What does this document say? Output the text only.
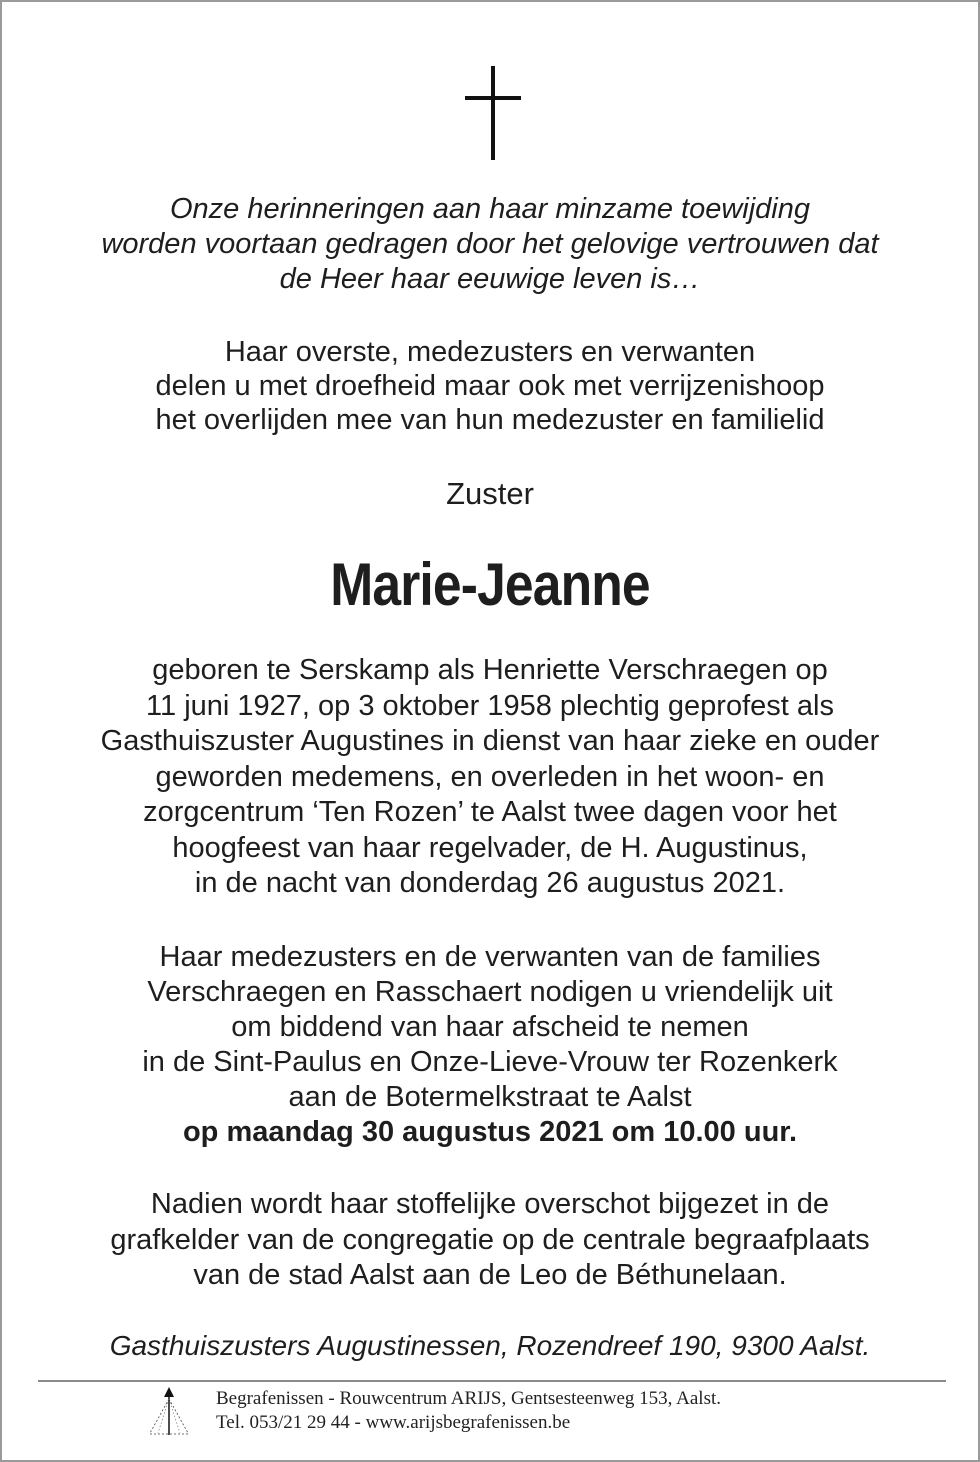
Onze herinneringen aan haar minzame toewijding
worden voortaan gedragen door het gelovige vertrouwen dat
de Heer haar eeuwige leven is…
Haar overste, medezusters en verwanten
delen u met droefheid maar ook met verrijzenishoop
het overlijden mee van hun medezuster en familielid
Zuster
Marie-Jeanne
geboren te Serskamp als Henriette Verschraegen op
11 juni 1927, op 3 oktober 1958 plechtig geprofest als
Gasthuiszuster Augustines in dienst van haar zieke en ouder
geworden medemens, en overleden in het woon- en
zorgcentrum ‘Ten Rozen’ te Aalst twee dagen voor het
hoogfeest van haar regelvader, de H. Augustinus,
in de nacht van donderdag 26 augustus 2021.
Haar medezusters en de verwanten van de families
Verschraegen en Rasschaert nodigen u vriendelijk uit
om biddend van haar afscheid te nemen
in de Sint-Paulus en Onze-Lieve-Vrouw ter Rozenkerk
aan de Botermelkstraat te Aalst
op maandag 30 augustus 2021 om 10.00 uur.
Nadien wordt haar stoffelijke overschot bijgezet in de
grafkelder van de congregatie op de centrale begraafplaats
van de stad Aalst aan de Leo de Béthunelaan.
Gasthuiszusters Augustinessen, Rozendreef 190, 9300 Aalst.
Begrafenissen - Rouwcentrum ARIJS, Gentsesteenweg 153, Aalst.
Tel. 053/21 29 44 - www.arijsbegrafenissen.be
